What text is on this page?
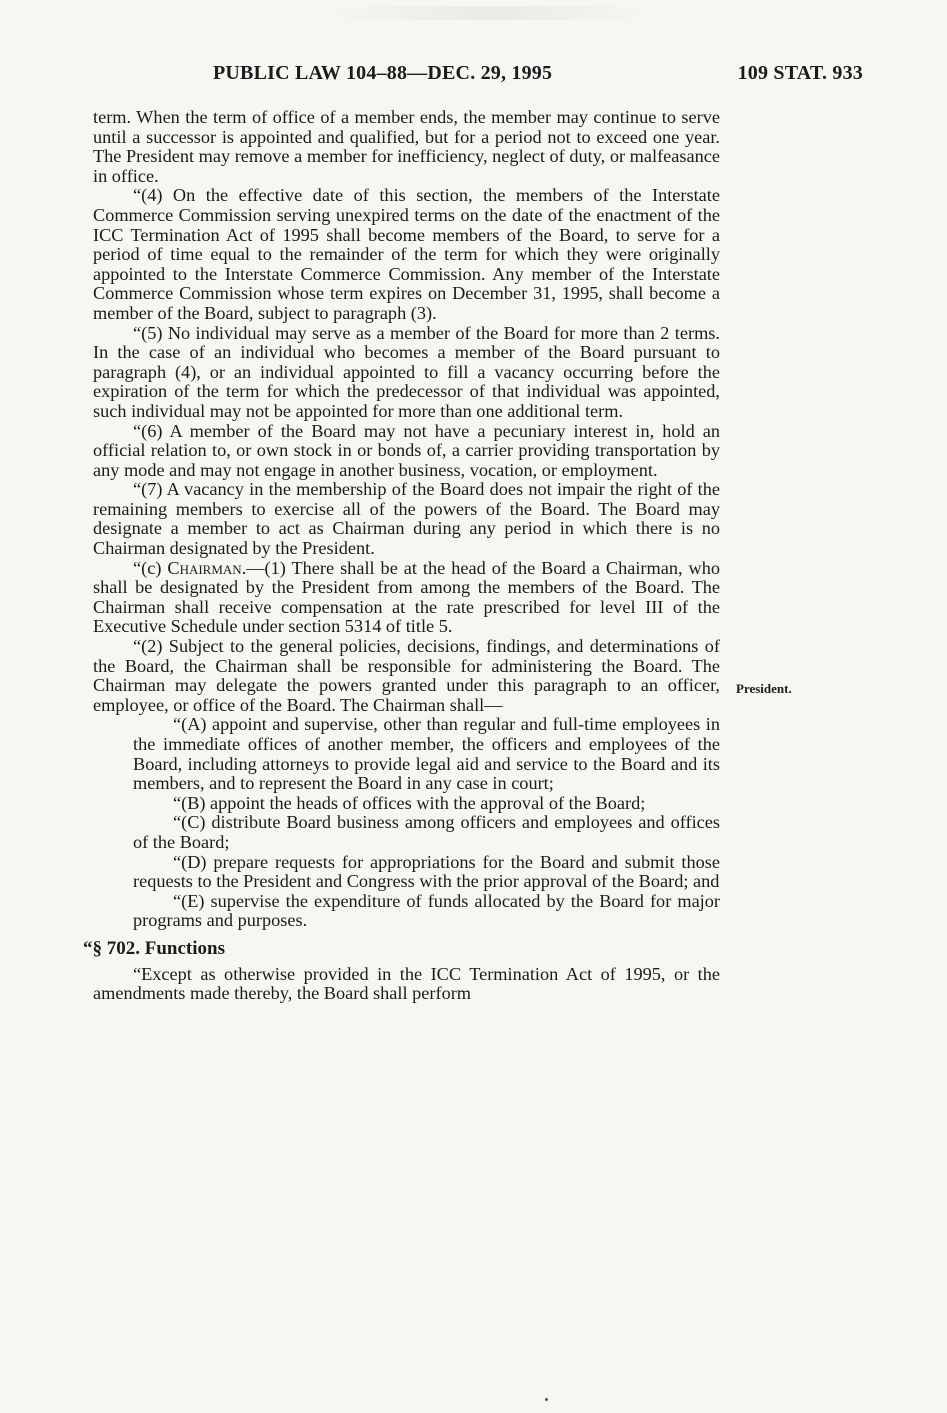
PUBLIC LAW 104–88—DEC. 29, 1995	109 STAT. 933
President.

term. When the term of office of a member ends, the member may continue to serve until a successor is appointed and qualified, but for a period not to exceed one year. The President may remove a member for inefficiency, neglect of duty, or malfeasance in office.

“(4) On the effective date of this section, the members of the Interstate Commerce Commission serving unexpired terms on the date of the enactment of the ICC Termination Act of 1995 shall become members of the Board, to serve for a period of time equal to the remainder of the term for which they were originally appointed to the Interstate Commerce Commission. Any member of the Interstate Commerce Commission whose term expires on December 31, 1995, shall become a member of the Board, subject to paragraph (3).

“(5) No individual may serve as a member of the Board for more than 2 terms. In the case of an individual who becomes a member of the Board pursuant to paragraph (4), or an individual appointed to fill a vacancy occurring before the expiration of the term for which the predecessor of that individual was appointed, such individual may not be appointed for more than one additional term.

“(6) A member of the Board may not have a pecuniary interest in, hold an official relation to, or own stock in or bonds of, a carrier providing transportation by any mode and may not engage in another business, vocation, or employment.

“(7) A vacancy in the membership of the Board does not impair the right of the remaining members to exercise all of the powers of the Board. The Board may designate a member to act as Chairman during any period in which there is no Chairman designated by the President.

“(c) Chairman.—(1) There shall be at the head of the Board a Chairman, who shall be designated by the President from among the members of the Board. The Chairman shall receive compensation at the rate prescribed for level III of the Executive Schedule under section 5314 of title 5.

“(2) Subject to the general policies, decisions, findings, and determinations of the Board, the Chairman shall be responsible for administering the Board. The Chairman may delegate the powers granted under this paragraph to an officer, employee, or office of the Board. The Chairman shall—

“(A) appoint and supervise, other than regular and full-time employees in the immediate offices of another member, the officers and employees of the Board, including attorneys to provide legal aid and service to the Board and its members, and to represent the Board in any case in court;

“(B) appoint the heads of offices with the approval of the Board;

“(C) distribute Board business among officers and employees and offices of the Board;

“(D) prepare requests for appropriations for the Board and submit those requests to the President and Congress with the prior approval of the Board; and

“(E) supervise the expenditure of funds allocated by the Board for major programs and purposes.

“§ 702. Functions

“Except as otherwise provided in the ICC Termination Act of 1995, or the amendments made thereby, the Board shall perform
